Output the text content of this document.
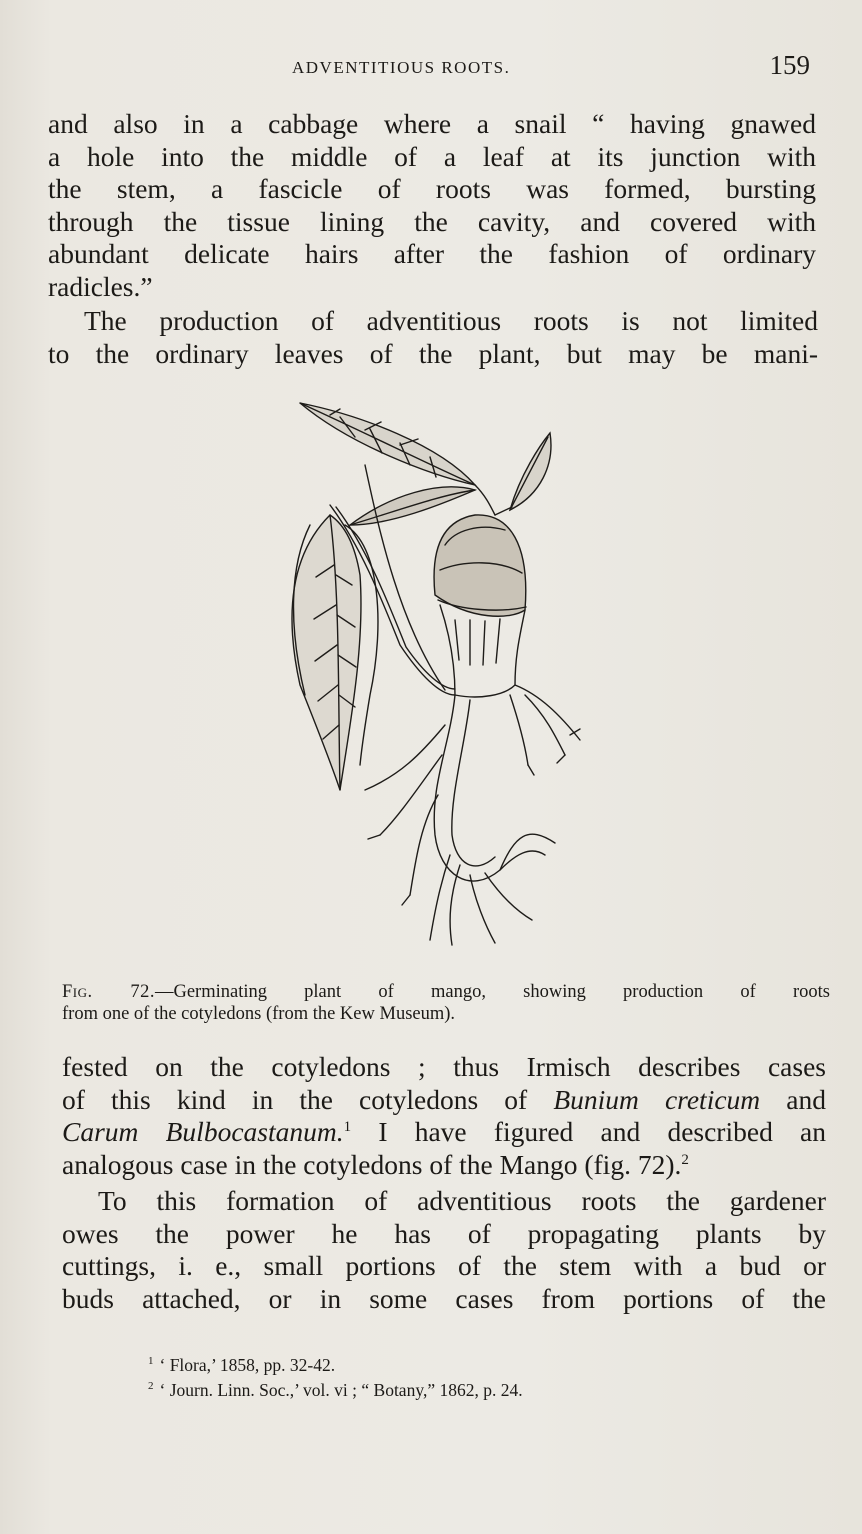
ADVENTITIOUS ROOTS.	159

and also in a cabbage where a snail “ having gnawed
a hole into the middle of a leaf at its junction with
the stem, a fascicle of roots was formed, bursting
through the tissue lining the cavity, and covered with
abundant delicate hairs after the fashion of ordinary
radicles.”

The production of adventitious roots is not limited
to the ordinary leaves of the plant, but may be mani-

Fig. 72.—Germinating plant of mango, showing production of roots
from one of the cotyledons (from the Kew Museum).

fested on the cotyledons ; thus Irmisch describes cases
of this kind in the cotyledons of Bunium creticum and
Carum Bulbocastanum.$^1$ I have figured and described an
analogous case in the cotyledons of the Mango (fig. 72).$^2$

To this formation of adventitious roots the gardener
owes the power he has of propagating plants by
cuttings, i. e., small portions of the stem with a bud or
buds attached, or in some cases from portions of the

$^1$ ‘ Flora,’ 1858, pp. 32-42.
$^2$ ‘ Journ. Linn. Soc.,’ vol. vi ; “ Botany,” 1862, p. 24.
